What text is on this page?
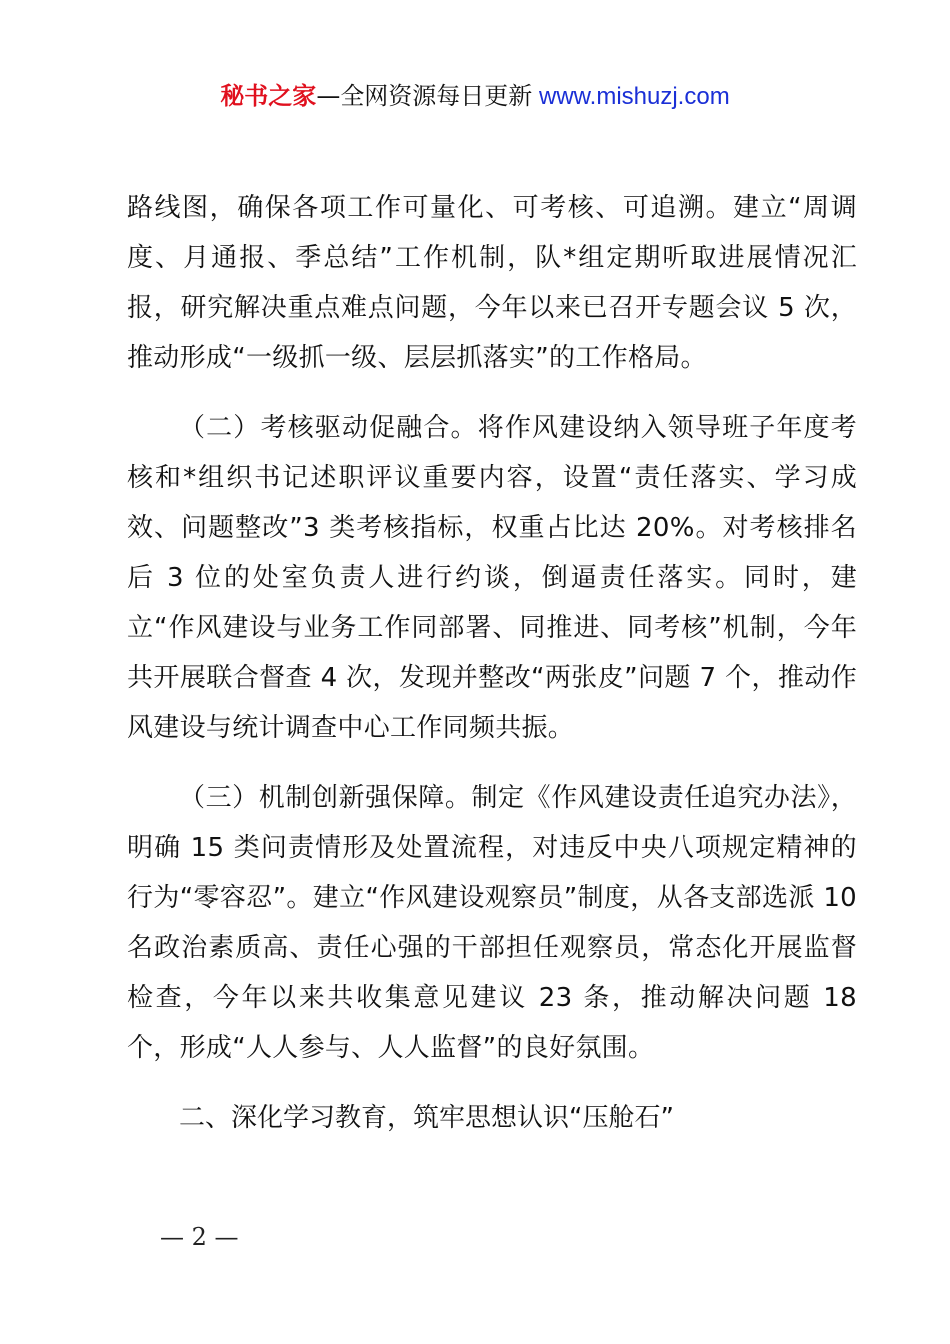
秘书之家—全网资源每日更新 www.mishuzj.com

路线图，确保各项工作可量化、可考核、可追溯。建立“周调度、月通报、季总结”工作机制，队*组定期听取进展情况汇报，研究解决重点难点问题，今年以来已召开专题会议 5 次，推动形成“一级抓一级、层层抓落实”的工作格局。

（二）考核驱动促融合。将作风建设纳入领导班子年度考核和*组织书记述职评议重要内容，设置“责任落实、学习成效、问题整改”3 类考核指标，权重占比达 20%。对考核排名后 3 位的处室负责人进行约谈，倒逼责任落实。同时，建立“作风建设与业务工作同部署、同推进、同考核”机制，今年共开展联合督查 4 次，发现并整改“两张皮”问题 7 个，推动作风建设与统计调查中心工作同频共振。

（三）机制创新强保障。制定《作风建设责任追究办法》，明确 15 类问责情形及处置流程，对违反中央八项规定精神的行为“零容忍”。建立“作风建设观察员”制度，从各支部选派 10 名政治素质高、责任心强的干部担任观察员，常态化开展监督检查，今年以来共收集意见建议 23 条，推动解决问题 18 个，形成“人人参与、人人监督”的良好氛围。

二、深化学习教育，筑牢思想认识“压舱石”

— 2 —
